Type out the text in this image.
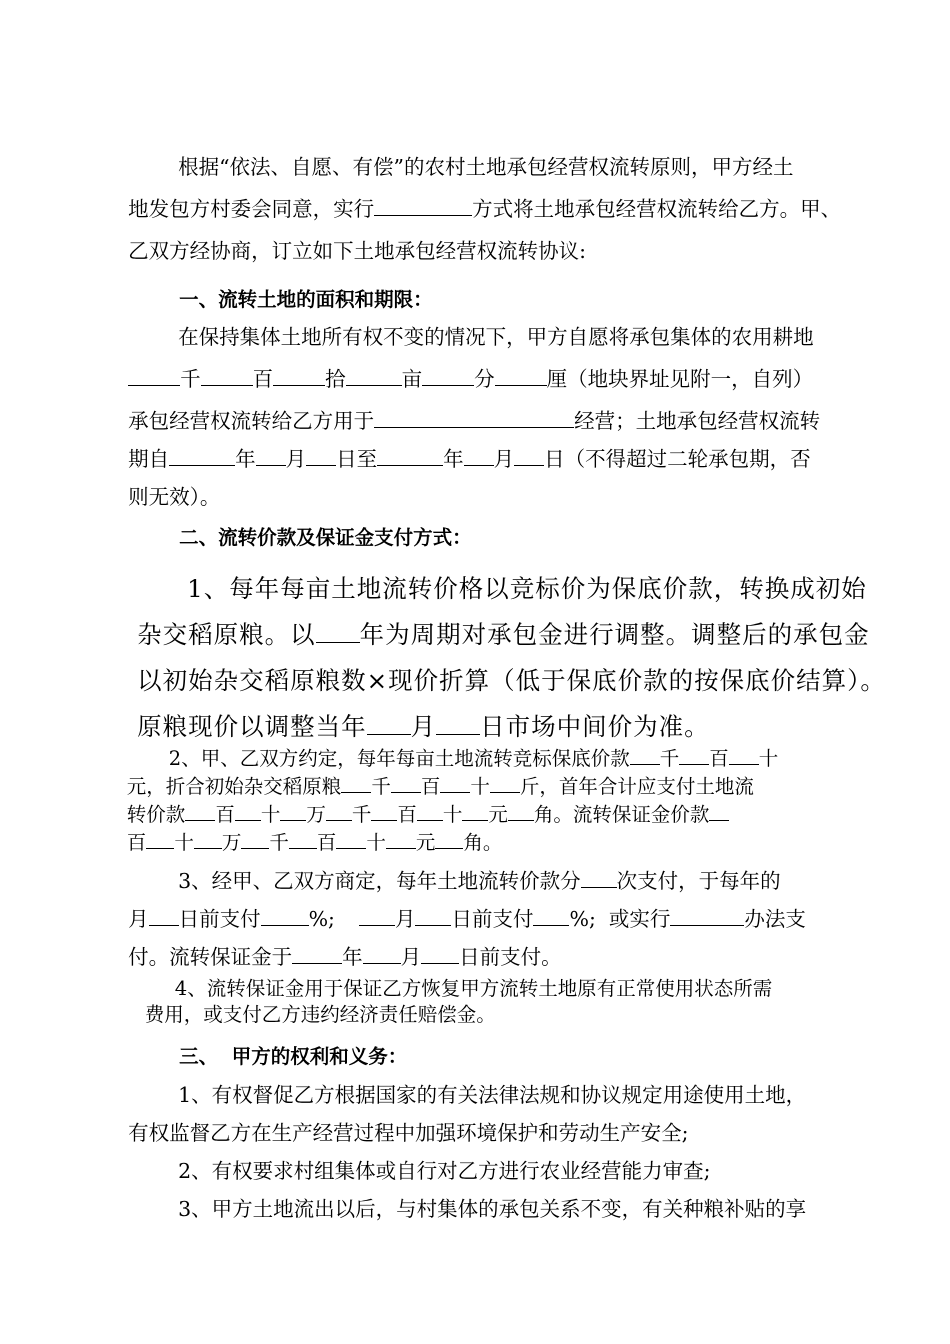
根据“依法、自愿、有偿”的农村土地承包经营权流转原则，甲方经土

地发包方村委会同意，实行	方式将土地承包经营权流转给乙方。甲、

乙双方经协商，订立如下土地承包经营权流转协议:

一、流转土地的面积和期限：

在保持集体土地所有权不变的情况下，甲方自愿将承包集体的农用耕地

千	百	拾	亩	分	厘（地块界址见附一，自列）

承包经营权流转给乙方用于	经营；土地承包经营权流转

期自	年 月 日至	年 月 日（不得超过二轮承包期，否

则无效）。

二、流转价款及保证金支付方式：

1、每年每亩土地流转价格以竞标价为保底价款，转换成初始

杂交稻原粮。以 年为周期对承包金进行调整。调整后的承包金

以初始杂交稻原粮数×现价折算（低于保底价款的按保底价结算）。

原粮现价以调整当年 月 日市场中间价为准。

2、甲、乙双方约定，每年每亩土地流转竞标保底价款 千 百 十

元，折合初始杂交稻原粮 千 百 十 斤，首年合计应支付土地流

转价款 百 十 万 千 百 十 元 角。流转保证金价款

百 十 万 千 百 十 元 角。

3、经甲、乙双方商定，每年土地流转价款分 次支付，于每年的

月 日前支付 %;	月 日前支付 %;  或实行	办法支

付。流转保证金于 年 月 日前支付。

4、流转保证金用于保证乙方恢复甲方流转土地原有正常使用状态所需

费用，或支付乙方违约经济责任赔偿金。

三、  甲方的权利和义务：

1、有权督促乙方根据国家的有关法律法规和协议规定用途使用土地，

有权监督乙方在生产经营过程中加强环境保护和劳动生产安全;

2、有权要求村组集体或自行对乙方进行农业经营能力审查;

3、甲方土地流出以后，与村集体的承包关系不变，有关种粮补贴的享
